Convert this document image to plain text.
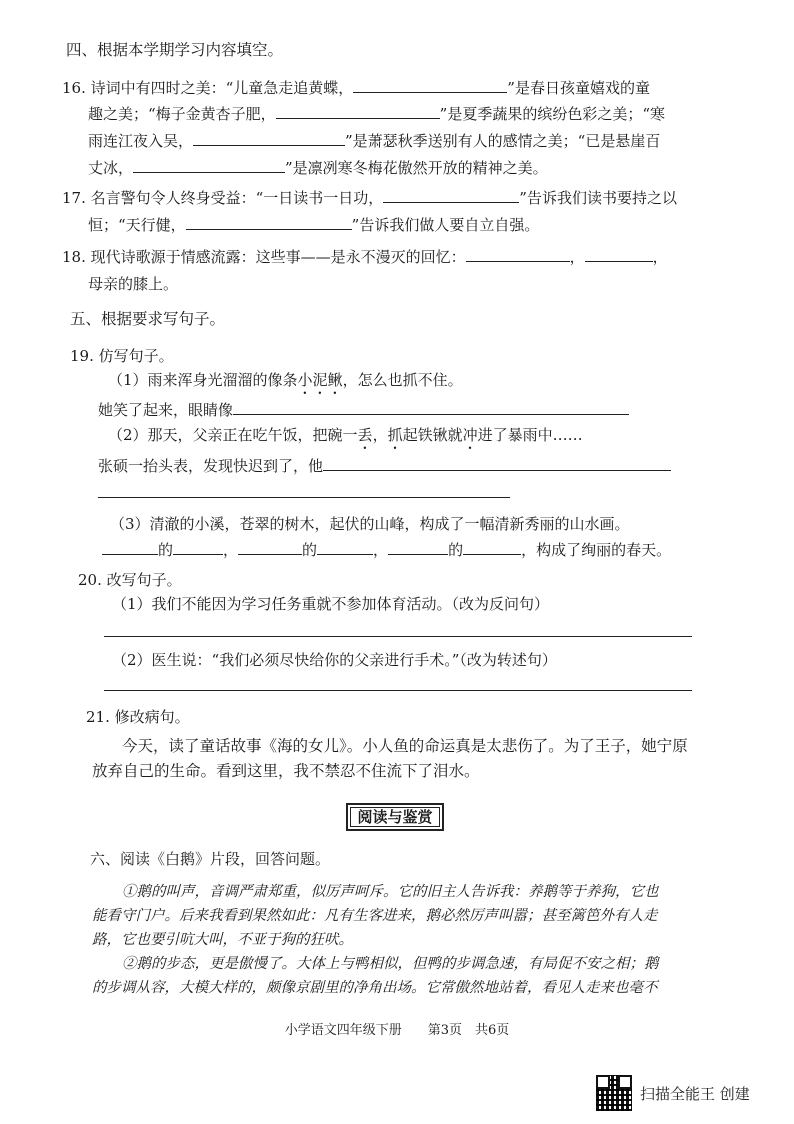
四、根据本学期学习内容填空。
16. 诗词中有四时之美：“儿童急走追黄蝶，	”是春日孩童嬉戏的童
趣之美；“梅子金黄杏子肥，	”是夏季蔬果的缤纷色彩之美；“寒
雨连江夜入吴，	”是萧瑟秋季送别有人的感情之美；“已是悬崖百
丈冰，	”是凛冽寒冬梅花傲然开放的精神之美。
17. 名言警句令人终身受益：“一日读书一日功，	”告诉我们读书要持之以
恒；“天行健，	”告诉我们做人要自立自强。
18. 现代诗歌源于情感流露：这些事——是永不漫灭的回忆：	，	，
母亲的膝上。
五、根据要求写句子。
19. 仿写句子。
（1）雨来浑身光溜溜的像条小泥鳅，怎么也抓不住。
她笑了起来，眼睛像
（2）那天，父亲正在吃午饭，把碗一丢，抓起铁锹就冲进了暴雨中……
张硕一抬头表，发现快迟到了，他
（3）清澈的小溪，苍翠的树木，起伏的山峰，构成了一幅清新秀丽的山水画。
的	，	的	，	的	，构成了绚丽的春天。
20. 改写句子。
（1）我们不能因为学习任务重就不参加体育活动。（改为反问句）
（2）医生说：“我们必须尽快给你的父亲进行手术。”（改为转述句）
21. 修改病句。
今天，读了童话故事《海的女儿》。小人鱼的命运真是太悲伤了。为了王子，她宁原
放弃自己的生命。看到这里，我不禁忍不住流下了泪水。
阅读与鉴赏
六、阅读《白鹅》片段，回答问题。
①鹅的叫声，音调严肃郑重，似厉声呵斥。它的旧主人告诉我：养鹅等于养狗，它也
能看守门户。后来我看到果然如此：凡有生客进来，鹅必然厉声叫嚣；甚至篱笆外有人走
路，它也要引吭大叫，不亚于狗的狂吠。
②鹅的步态，更是傲慢了。大体上与鸭相似，但鸭的步调急速，有局促不安之相；鹅
的步调从容，大模大样的，颇像京剧里的净角出场。它常傲然地站着，看见人走来也毫不
小学语文四年级下册　　第3页　共6页
扫描全能王 创建
